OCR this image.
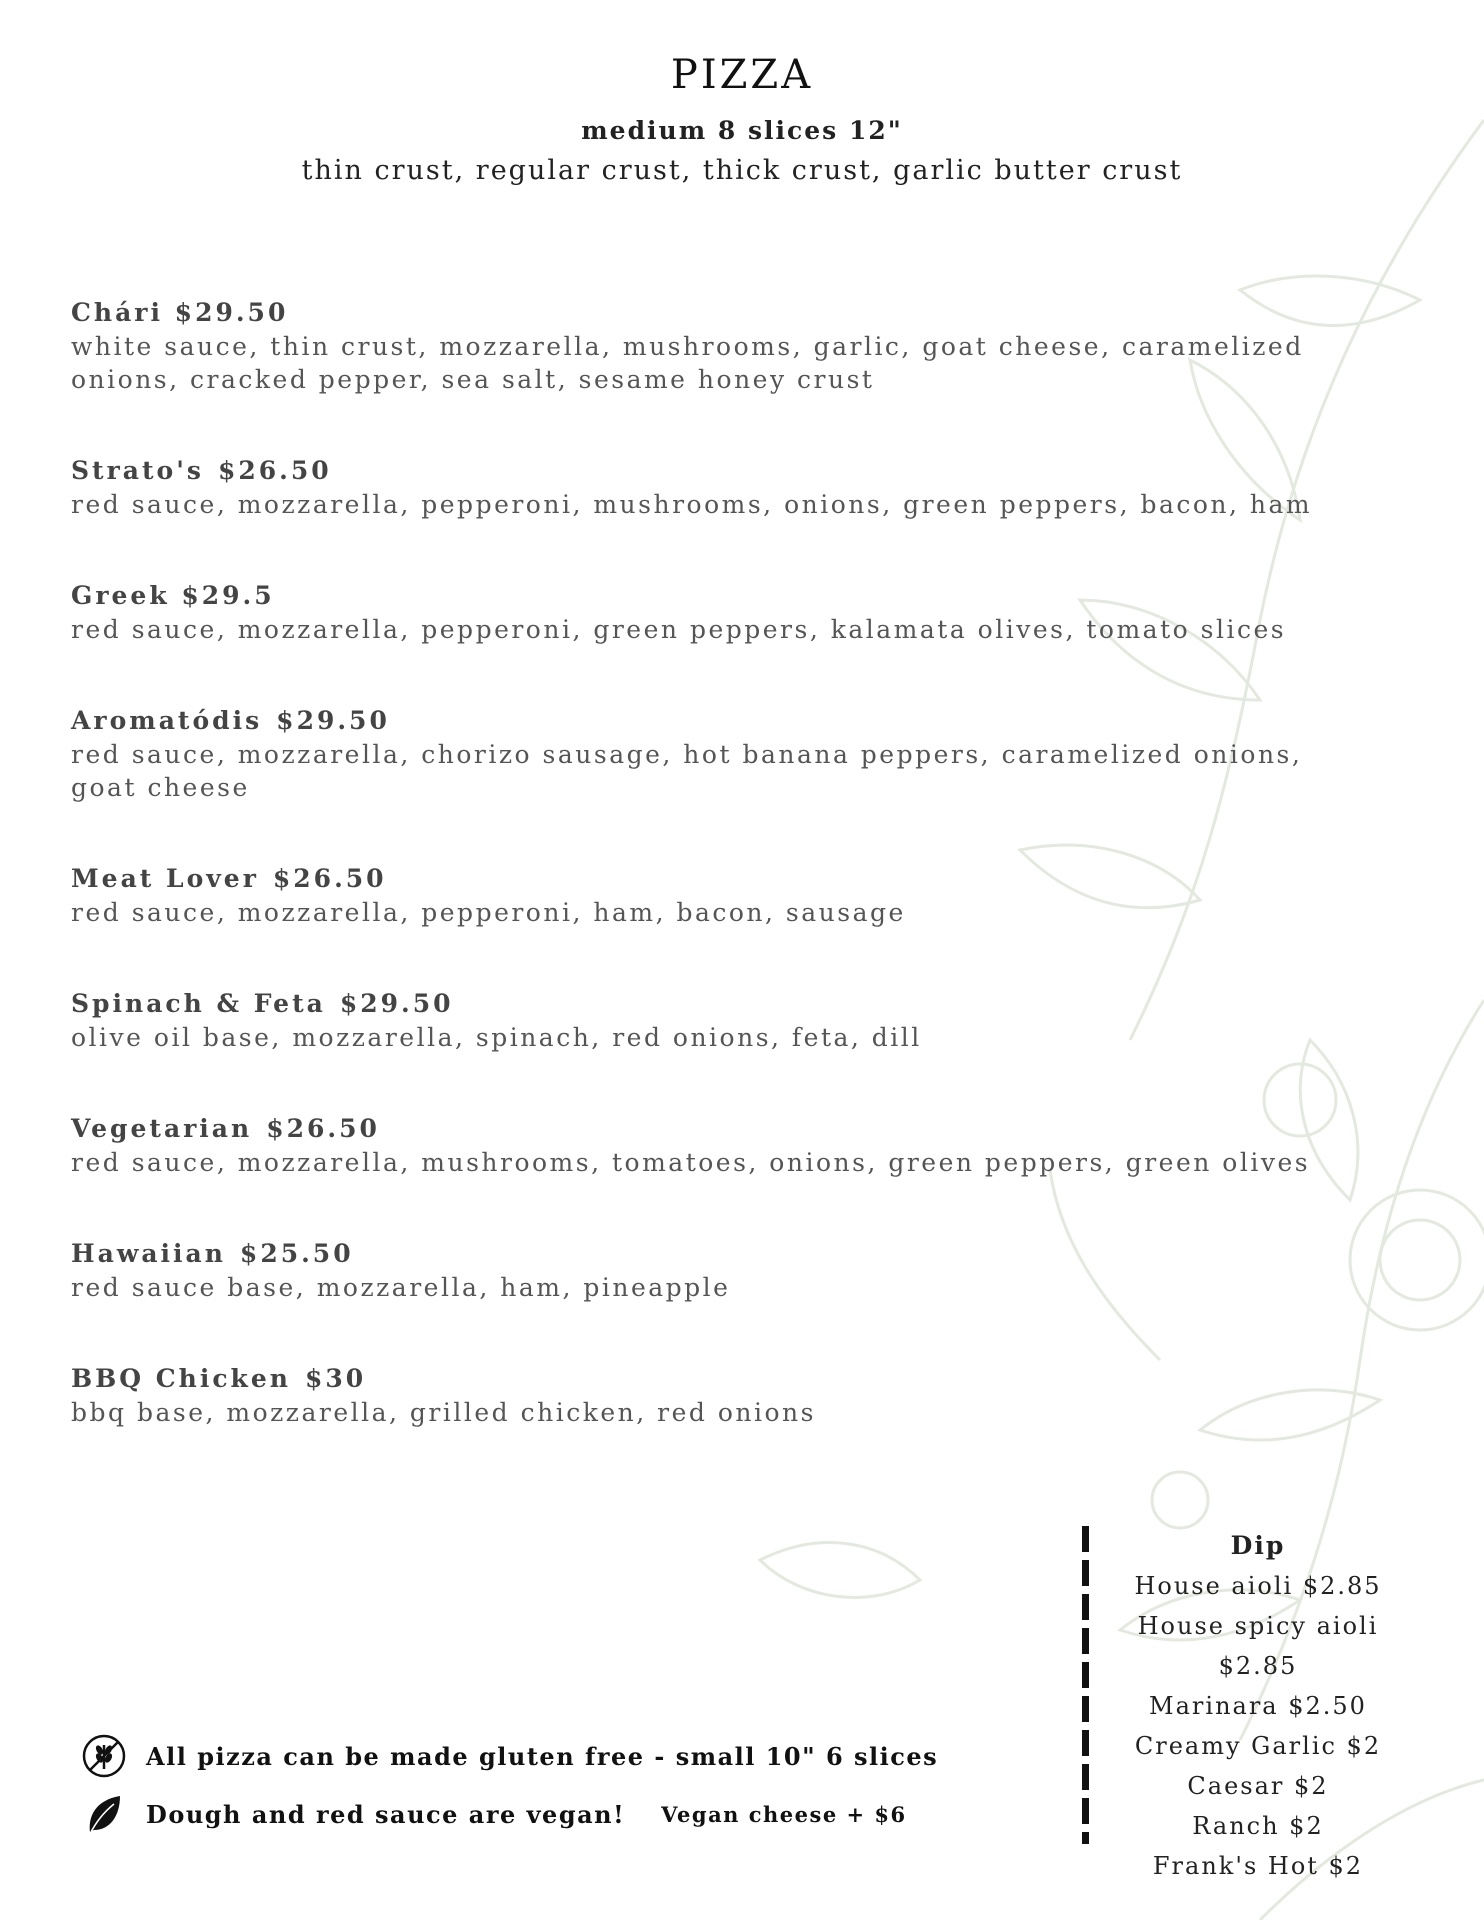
PIZZA
medium 8 slices 12"
thin crust, regular crust, thick crust, garlic butter crust
Chári $29.50
white sauce, thin crust, mozzarella, mushrooms, garlic, goat cheese, caramelized onions, cracked pepper, sea salt, sesame honey crust
Strato's $26.50
red sauce, mozzarella, pepperoni, mushrooms, onions, green peppers, bacon, ham
Greek $29.5
red sauce, mozzarella, pepperoni, green peppers, kalamata olives, tomato slices
Aromatódis $29.50
red sauce, mozzarella, chorizo sausage, hot banana peppers, caramelized onions, goat cheese
Meat Lover $26.50
red sauce, mozzarella, pepperoni, ham, bacon, sausage
Spinach & Feta $29.50
olive oil base, mozzarella, spinach, red onions, feta, dill
Vegetarian $26.50
red sauce, mozzarella, mushrooms, tomatoes, onions, green peppers, green olives
Hawaiian $25.50
red sauce base, mozzarella, ham, pineapple
BBQ Chicken $30
bbq base, mozzarella, grilled chicken, red onions
All pizza can be made gluten free - small 10" 6 slices
Dough and red sauce are vegan! Vegan cheese + $6
Dip
House aioli $2.85
House spicy aioli $2.85
Marinara $2.50
Creamy Garlic $2
Caesar $2
Ranch $2
Frank's Hot $2
